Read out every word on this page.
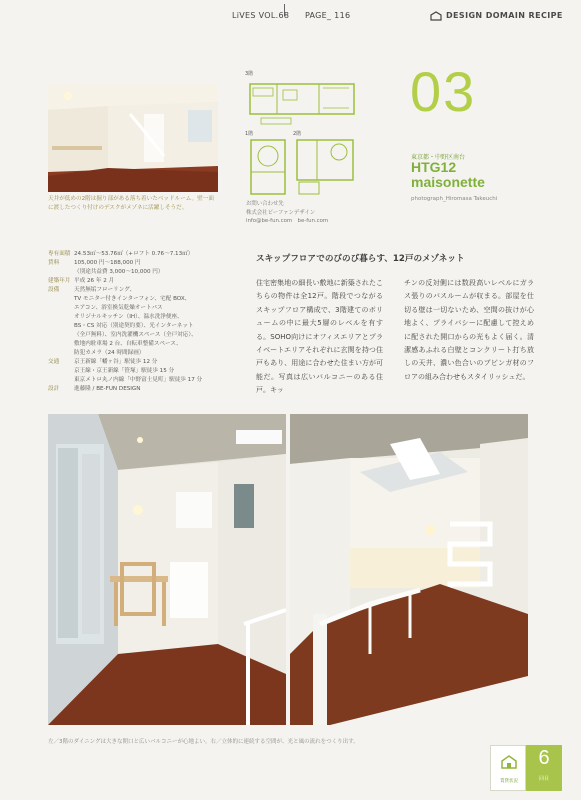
LiVES VOL.68 PAGE_ 116	DESIGN DOMAIN RECIPE
天井が低めの2階は掘り部がある落ち着いたベッドルーム。壁一面に渡したつくり付けのデスクがメゾネに活躍しそうだ。
3階
1階	2階
お問い合わせ先
株式会社ビーファンデザイン
info@be-fun.com　be-fun.com
03
東京都・中野区南台
HTG12
maisonette
photograph_Hiromasa Takeuchi
専有面積 24.53㎡〜53.76㎡（+ロフト 0.76〜7.13㎡）
賃料	105,000 円〜188,000 円
（別途共益費 3,000〜10,000 円）
建築年月 平成 26 年 2 月
設備	天然無垢フローリング、
TV モニター付きインターフォン、宅配 BOX、
エアコン、浴室換気乾燥オートバス
オリジナルキッチン（IH）、温水洗浄便座、
BS・CS 対応（別途契約要）、光インターネット
（全戸無料）、室内洗濯機スペース（全戸対応）、
敷地内駐車場 2 台、自転車整備スペース、
防犯カメラ（24 時間録画）
交通	京王新線「幡ヶ谷」駅徒歩 12 分
京王線・京王新線「笹塚」駅徒歩 15 分
東京メトロ丸ノ内線「中野富士見町」駅徒歩 17 分
設計	進藤隆 / BE-FUN DESIGN
スキップフロアでのびのび暮らす、12戸のメゾネット
住宅密集地の細長い敷地に新築されたこちらの物件は全12戸。階段でつながるスキップフロア構成で、3階建てのボリュームの中に最大5層のレベルを有する。SOHO向けにオフィスエリアとプライベートエリアそれぞれに玄関を持つ住戸もあり、用途に合わせた住まい方が可能だ。写真は広いバルコニーのある住戸。キッ
チンの反対側には数段高いレベルにガラス張りのバスルームが収まる。部屋を仕切る壁は一切ないため、空間の抜けが心地よく、プライバシーに配慮して控えめに配された開口からの光もよく届く。清潔感あふれる白壁とコンクリート打ち放しの天井、濃い色合いのブビンガ材のフロアの組み合わせもスタイリッシュだ。
左／3階のダイニングは大きな開口と広いバルコニーが心地よい。右／立体的に連続する空間が、光と風の流れをつくり出す。
賃貸状況
6
回目
